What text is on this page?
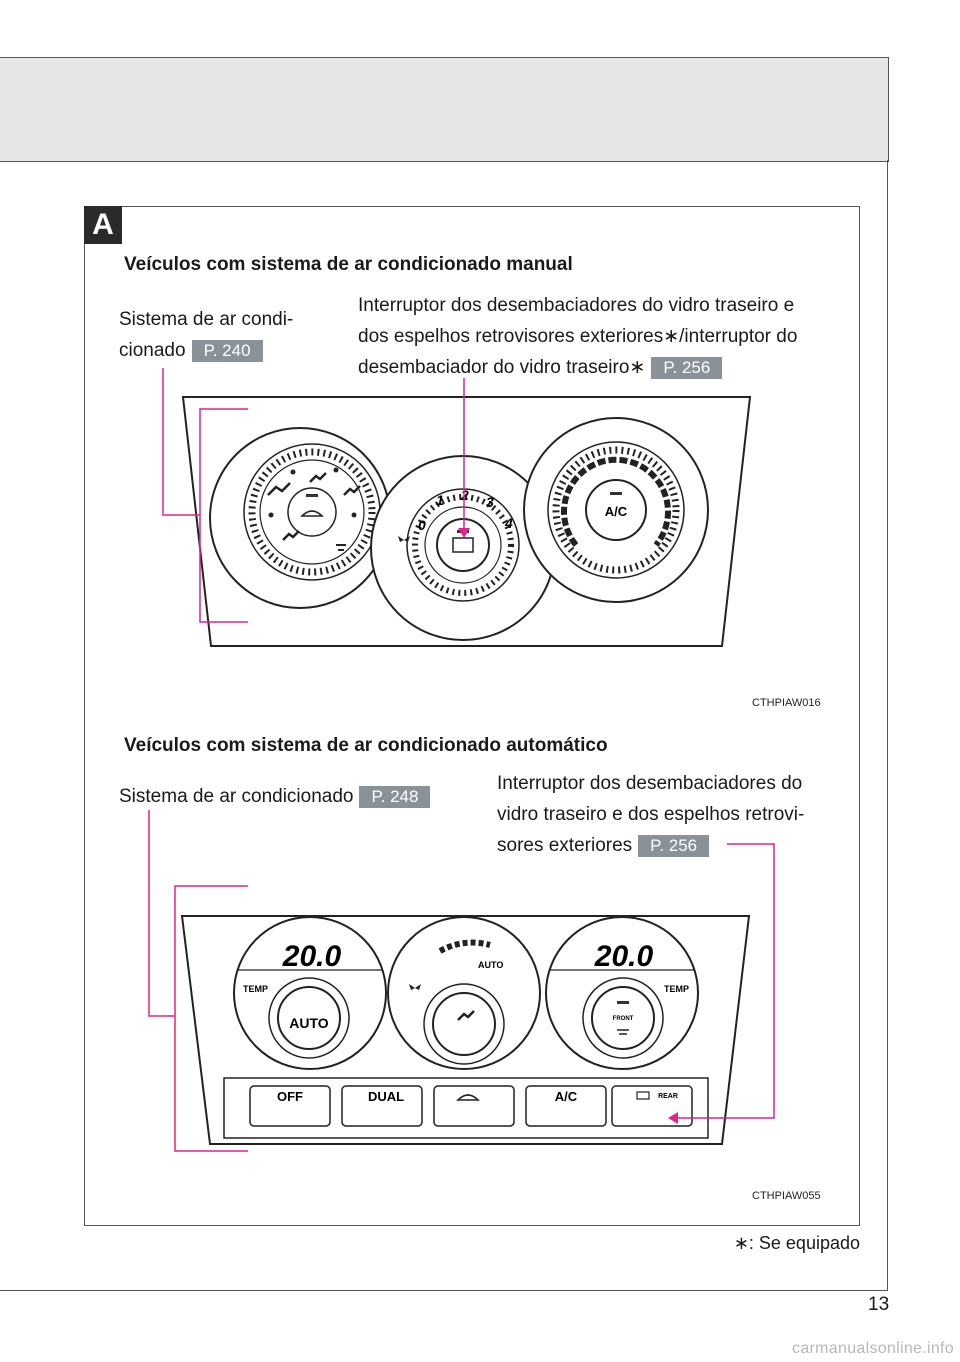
A
Veículos com sistema de ar condicionado manual
Sistema de ar condi-
cionado P. 240
Interruptor dos desembaciadores do vidro traseiro e
dos espelhos retrovisores exteriores∗/interruptor do
desembaciador do vidro traseiro∗ P. 256
CTHPIAW016
Veículos com sistema de ar condicionado automático
Sistema de ar condicionado P. 248
Interruptor dos desembaciadores do
vidro traseiro e dos espelhos retrovi-
sores exteriores P. 256
CTHPIAW055
0
1 2 3
4
A/C
20.0
TEMP
AUTO
AUTO	20.0
TEMP
FRONT
OFF	DUAL	A/C	REAR
∗: Se equipado
13
carmanualsonline.info
